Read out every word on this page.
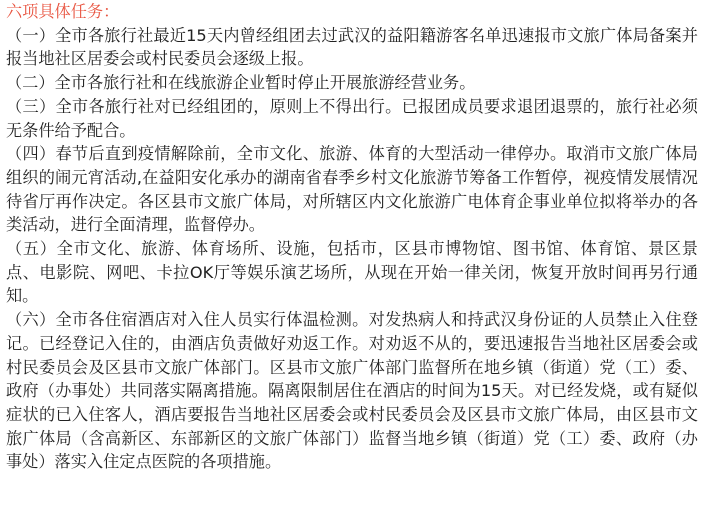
六项具体任务：

（一）全市各旅行社最近15天内曾经组团去过武汉的益阳籍游客名单迅速报市文旅广体局备案并报当地社区居委会或村民委员会逐级上报。

（二）全市各旅行社和在线旅游企业暂时停止开展旅游经营业务。

（三）全市各旅行社对已经组团的，原则上不得出行。已报团成员要求退团退票的，旅行社必须无条件给予配合。

（四）春节后直到疫情解除前，全市文化、旅游、体育的大型活动一律停办。取消市文旅广体局组织的闹元宵活动,在益阳安化承办的湖南省春季乡村文化旅游节筹备工作暂停，视疫情发展情况待省厅再作决定。各区县市文旅广体局，对所辖区内文化旅游广电体育企事业单位拟将举办的各类活动，进行全面清理，监督停办。

（五）全市文化、旅游、体育场所、设施，包括市，区县市博物馆、图书馆、体育馆、景区景点、电影院、网吧、卡拉OK厅等娱乐演艺场所，从现在开始一律关闭，恢复开放时间再另行通知。

（六）全市各住宿酒店对入住人员实行体温检测。对发热病人和持武汉身份证的人员禁止入住登记。已经登记入住的，由酒店负责做好劝返工作。对劝返不从的，要迅速报告当地社区居委会或村民委员会及区县市文旅广体部门。区县市文旅广体部门监督所在地乡镇（街道）党（工）委、政府（办事处）共同落实隔离措施。隔离限制居住在酒店的时间为15天。对已经发烧，或有疑似症状的已入住客人，酒店要报告当地社区居委会或村民委员会及区县市文旅广体局，由区县市文旅广体局（含高新区、东部新区的文旅广体部门）监督当地乡镇（街道）党（工）委、政府（办事处）落实入住定点医院的各项措施。
